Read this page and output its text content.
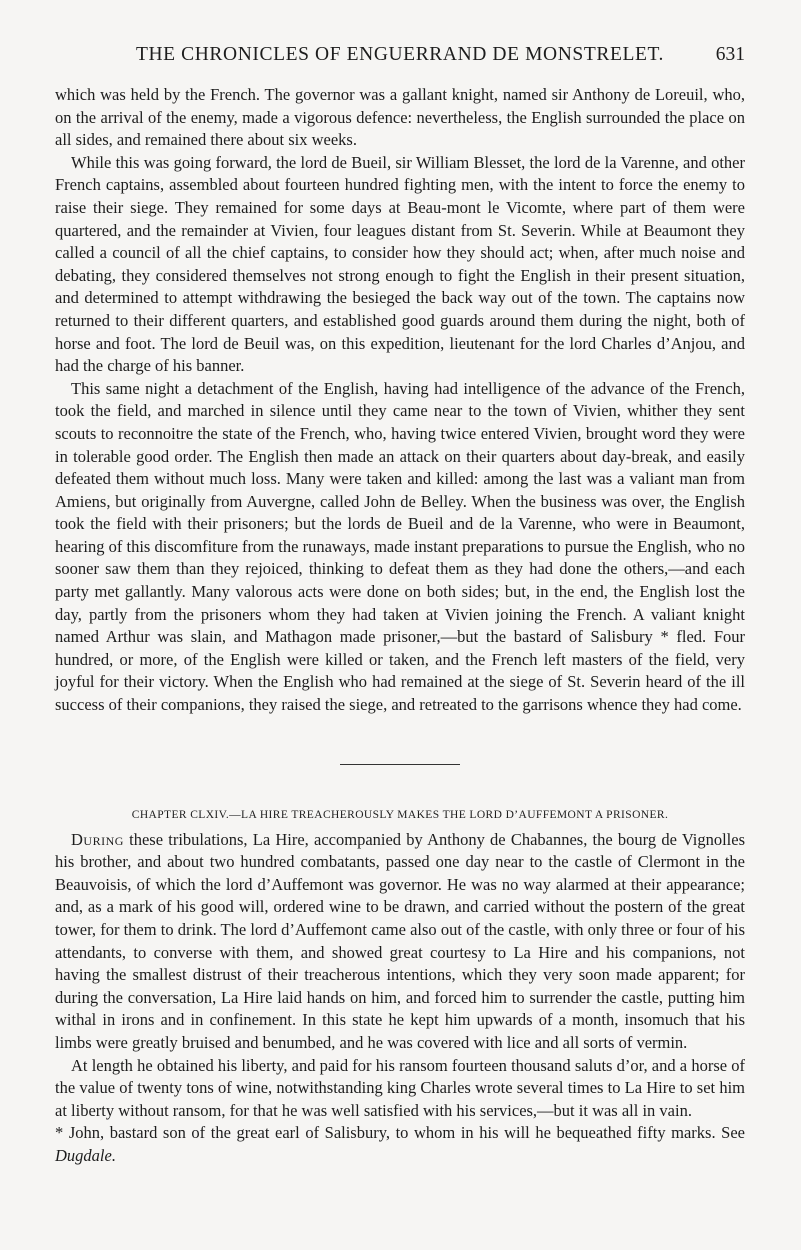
THE CHRONICLES OF ENGUERRAND DE MONSTRELET.	631

which was held by the French. The governor was a gallant knight, named sir Anthony de Loreuil, who, on the arrival of the enemy, made a vigorous defence: nevertheless, the English surrounded the place on all sides, and remained there about six weeks.

While this was going forward, the lord de Bueil, sir William Blesset, the lord de la Varenne, and other French captains, assembled about fourteen hundred fighting men, with the intent to force the enemy to raise their siege. They remained for some days at Beau-mont le Vicomte, where part of them were quartered, and the remainder at Vivien, four leagues distant from St. Severin. While at Beaumont they called a council of all the chief captains, to consider how they should act; when, after much noise and debating, they considered themselves not strong enough to fight the English in their present situation, and determined to attempt withdrawing the besieged the back way out of the town. The captains now returned to their different quarters, and established good guards around them during the night, both of horse and foot. The lord de Beuil was, on this expedition, lieutenant for the lord Charles d’Anjou, and had the charge of his banner.

This same night a detachment of the English, having had intelligence of the advance of the French, took the field, and marched in silence until they came near to the town of Vivien, whither they sent scouts to reconnoitre the state of the French, who, having twice entered Vivien, brought word they were in tolerable good order. The English then made an attack on their quarters about day-break, and easily defeated them without much loss. Many were taken and killed: among the last was a valiant man from Amiens, but originally from Auvergne, called John de Belley. When the business was over, the English took the field with their prisoners; but the lords de Bueil and de la Varenne, who were in Beaumont, hearing of this discomfiture from the runaways, made instant preparations to pursue the English, who no sooner saw them than they rejoiced, thinking to defeat them as they had done the others,—and each party met gallantly. Many valorous acts were done on both sides; but, in the end, the English lost the day, partly from the prisoners whom they had taken at Vivien joining the French. A valiant knight named Arthur was slain, and Mathagon made prisoner,—but the bastard of Salisbury * fled. Four hundred, or more, of the English were killed or taken, and the French left masters of the field, very joyful for their victory. When the English who had remained at the siege of St. Severin heard of the ill success of their companions, they raised the siege, and retreated to the garrisons whence they had come.

CHAPTER CLXIV.—LA HIRE TREACHEROUSLY MAKES THE LORD D’AUFFEMONT A PRISONER.

During these tribulations, La Hire, accompanied by Anthony de Chabannes, the bourg de Vignolles his brother, and about two hundred combatants, passed one day near to the castle of Clermont in the Beauvoisis, of which the lord d’Auffemont was governor. He was no way alarmed at their appearance; and, as a mark of his good will, ordered wine to be drawn, and carried without the postern of the great tower, for them to drink. The lord d’Auffemont came also out of the castle, with only three or four of his attendants, to converse with them, and showed great courtesy to La Hire and his companions, not having the smallest distrust of their treacherous intentions, which they very soon made apparent; for during the conversation, La Hire laid hands on him, and forced him to surrender the castle, putting him withal in irons and in confinement. In this state he kept him upwards of a month, insomuch that his limbs were greatly bruised and benumbed, and he was covered with lice and all sorts of vermin.

At length he obtained his liberty, and paid for his ransom fourteen thousand saluts d’or, and a horse of the value of twenty tons of wine, notwithstanding king Charles wrote several times to La Hire to set him at liberty without ransom, for that he was well satisfied with his services,—but it was all in vain.

* John, bastard son of the great earl of Salisbury, to whom in his will he bequeathed fifty marks. See Dugdale.
